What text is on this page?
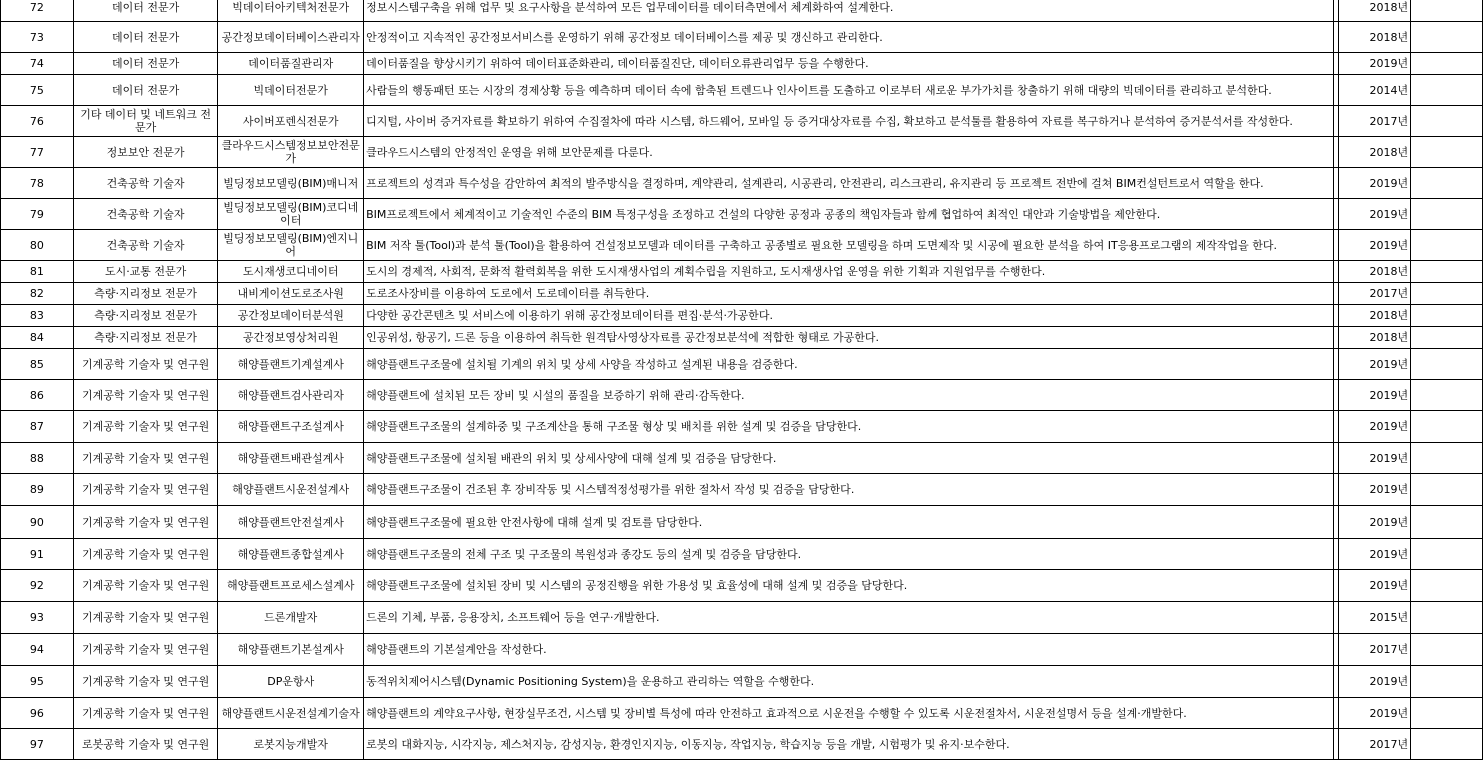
72	데이터 전문가	빅데이터아키텍처전문가	정보시스템구축을 위해 업무 및 요구사항을 분석하여 모든 업무데이터를 데이터측면에서 체계화하여 설계한다.		2018년	
73	데이터 전문가	공간정보데이터베이스관리자	안정적이고 지속적인 공간정보서비스를 운영하기 위해 공간정보 데이터베이스를 제공 및 갱신하고 관리한다.		2018년	
74	데이터 전문가	데이터품질관리자	데이터품질을 향상시키기 위하여 데이터표준화관리, 데이터품질진단, 데이터오류관리업무 등을 수행한다.		2019년	
75	데이터 전문가	빅데이터전문가	사람들의 행동패턴 또는 시장의 경제상황 등을 예측하며 데이터 속에 함축된 트렌드나 인사이트를 도출하고 이로부터 새로운 부가가치를 창출하기 위해 대량의 빅데이터를 관리하고 분석한다.		2014년	
76	기타 데이터 및 네트워크 전문가	사이버포렌식전문가	디지털, 사이버 증거자료를 확보하기 위하여 수집절차에 따라 시스템, 하드웨어, 모바일 등 증거대상자료를 수집, 확보하고 분석툴를 활용하여 자료를 복구하거나 분석하여 증거분석서를 작성한다.		2017년	
77	정보보안 전문가	클라우드시스템정보보안전문가	클라우드시스템의 안정적인 운영을 위해 보안문제를 다룬다.		2018년	
78	건축공학 기술자	빌딩정보모델링(BIM)매니저	프로젝트의 성격과 특수성을 감안하여 최적의 발주방식을 결정하며, 계약관리, 설계관리, 시공관리, 안전관리, 리스크관리, 유지관리 등 프로젝트 전반에 걸쳐 BIM컨설턴트로서 역할을 한다.		2019년	
79	건축공학 기술자	빌딩정보모델링(BIM)코디네이터	BIM프로젝트에서 체계적이고 기술적인 수준의 BIM 특정구성을 조정하고 건설의 다양한 공정과 공종의 책임자들과 함께 협업하여 최적인 대안과 기술방법을 제안한다.		2019년	
80	건축공학 기술자	빌딩정보모델링(BIM)엔지니어	BIM 저작 툴(Tool)과 분석 툴(Tool)을 활용하여 건설정보모델과 데이터를 구축하고 공종별로 필요한 모델링을 하며 도면제작 및 시공에 필요한 분석을 하여 IT응용프로그램의 제작작업을 한다.		2019년	
81	도시·교통 전문가	도시재생코디네이터	도시의 경제적, 사회적, 문화적 활력회복을 위한 도시재생사업의 계획수립을 지원하고, 도시재생사업 운영을 위한 기획과 지원업무를 수행한다.		2018년	
82	측량·지리정보 전문가	내비게이션도로조사원	도로조사장비를 이용하여 도로에서 도로데이터를 취득한다.		2017년	
83	측량·지리정보 전문가	공간정보데이터분석원	다양한 공간콘텐츠 및 서비스에 이용하기 위해 공간정보데이터를 편집·분석·가공한다.		2018년	
84	측량·지리정보 전문가	공간정보영상처리원	인공위성, 항공기, 드론 등을 이용하여 취득한 원격탐사영상자료를 공간정보분석에 적합한 형태로 가공한다.		2018년	
85	기계공학 기술자 및 연구원	해양플랜트기계설계사	해양플랜트구조물에 설치될 기계의 위치 및 상세 사양을 작성하고 설계된 내용을 검증한다.		2019년	
86	기계공학 기술자 및 연구원	해양플랜트검사관리자	해양플랜트에 설치된 모든 장비 및 시설의 품질을 보증하기 위해 관리·감독한다.		2019년	
87	기계공학 기술자 및 연구원	해양플랜트구조설계사	해양플랜트구조물의 설계하중 및 구조계산을 통해 구조물 형상 및 배치를 위한 설계 및 검증을 담당한다.		2019년	
88	기계공학 기술자 및 연구원	해양플랜트배관설계사	해양플랜트구조물에 설치될 배관의 위치 및 상세사양에 대해 설계 및 검증을 담당한다.		2019년	
89	기계공학 기술자 및 연구원	해양플랜트시운전설계사	해양플랜트구조물이 건조된 후 장비작동 및 시스템적정성평가를 위한 절차서 작성 및 검증을 담당한다.		2019년	
90	기계공학 기술자 및 연구원	해양플랜트안전설계사	해양플랜트구조물에 필요한 안전사항에 대해 설계 및 검토를 담당한다.		2019년	
91	기계공학 기술자 및 연구원	해양플랜트종합설계사	해양플랜트구조물의 전체 구조 및 구조물의 복원성과 종강도 등의 설계 및 검증을 담당한다.		2019년	
92	기계공학 기술자 및 연구원	해양플랜트프로세스설계사	해양플랜트구조물에 설치된 장비 및 시스템의 공정진행을 위한 가용성 및 효율성에 대해 설계 및 검증을 담당한다.		2019년	
93	기계공학 기술자 및 연구원	드론개발자	드론의 기체, 부품, 응용장치, 소프트웨어 등을 연구·개발한다.		2015년	
94	기계공학 기술자 및 연구원	해양플랜트기본설계사	해양플랜트의 기본설계안을 작성한다.		2017년	
95	기계공학 기술자 및 연구원	DP운항사	동적위치제어시스템(Dynamic Positioning System)을 운용하고 관리하는 역할을 수행한다.		2019년	
96	기계공학 기술자 및 연구원	해양플랜트시운전설계기술자	해양플랜트의 계약요구사항, 현장실무조건, 시스템 및 장비별 특성에 따라 안전하고 효과적으로 시운전을 수행할 수 있도록 시운전절차서, 시운전설명서 등을 설계·개발한다.		2019년	
97	로봇공학 기술자 및 연구원	로봇지능개발자	로봇의 대화지능, 시각지능, 제스처지능, 감성지능, 환경인지지능, 이동지능, 작업지능, 학습지능 등을 개발, 시험평가 및 유지·보수한다.		2017년	
